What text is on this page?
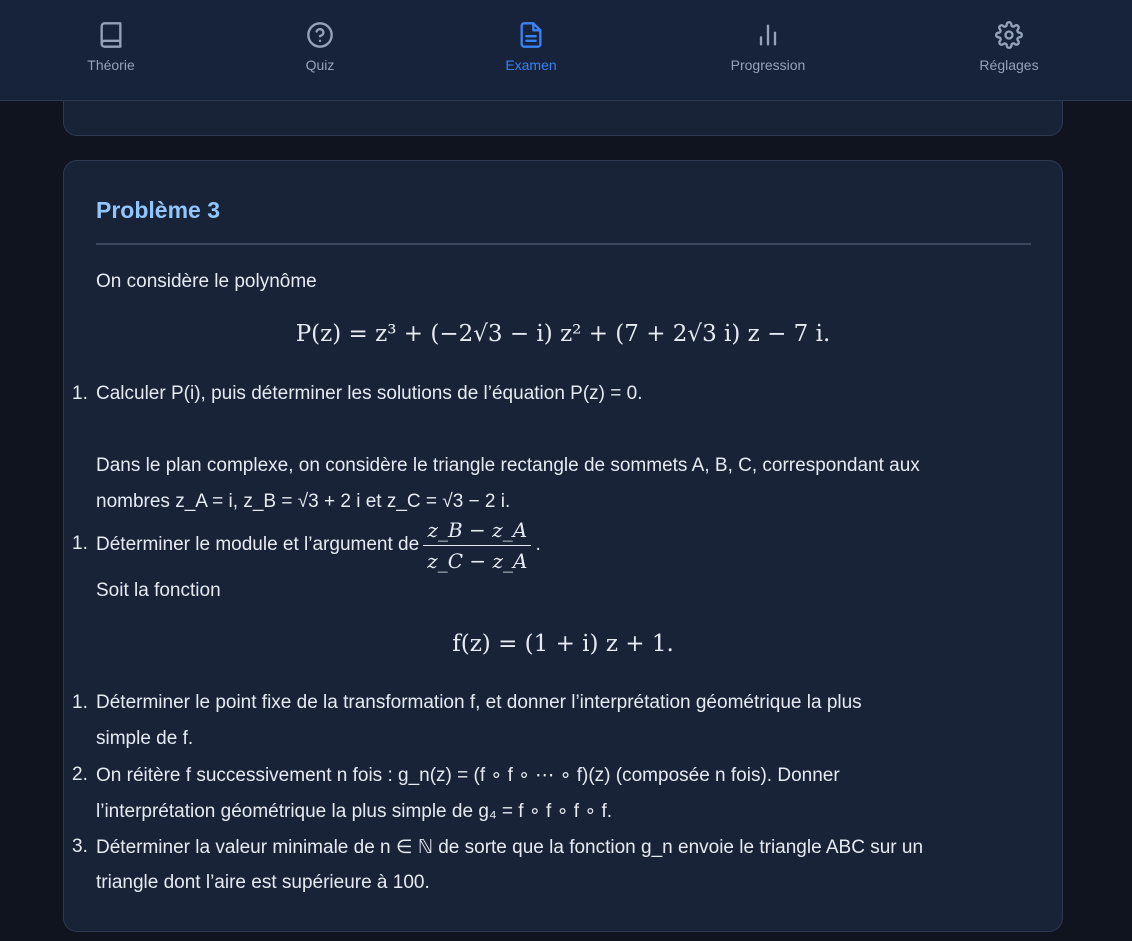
Théorie	Quiz	Examen	Progression	Réglages
Problème 3
On considère le polynôme
P(z) = z³ + (−2√3 − i) z² + (7 + 2√3 i) z − 7 i.
1. Calculer P(i), puis déterminer les solutions de l’équation P(z) = 0.
Dans le plan complexe, on considère le triangle rectangle de sommets A, B, C, correspondant aux
nombres z_A = i, z_B = √3 + 2 i et z_C = √3 − 2 i.
1. Déterminer le module et l’argument de $\frac{z\_B - z\_A}{z\_C - z\_A}$ .
Soit la fonction
f(z) = (1 + i) z + 1.
1. Déterminer le point fixe de la transformation f, et donner l’interprétation géométrique la plus
simple de f.
2. On réitère f successivement n fois : g_n(z) = (f ∘ f ∘ ⋯ ∘ f)(z) (composée n fois). Donner
l’interprétation géométrique la plus simple de g₄ = f ∘ f ∘ f ∘ f.
3. Déterminer la valeur minimale de n ∈ ℕ de sorte que la fonction g_n envoie le triangle ABC sur un
triangle dont l’aire est supérieure à 100.
